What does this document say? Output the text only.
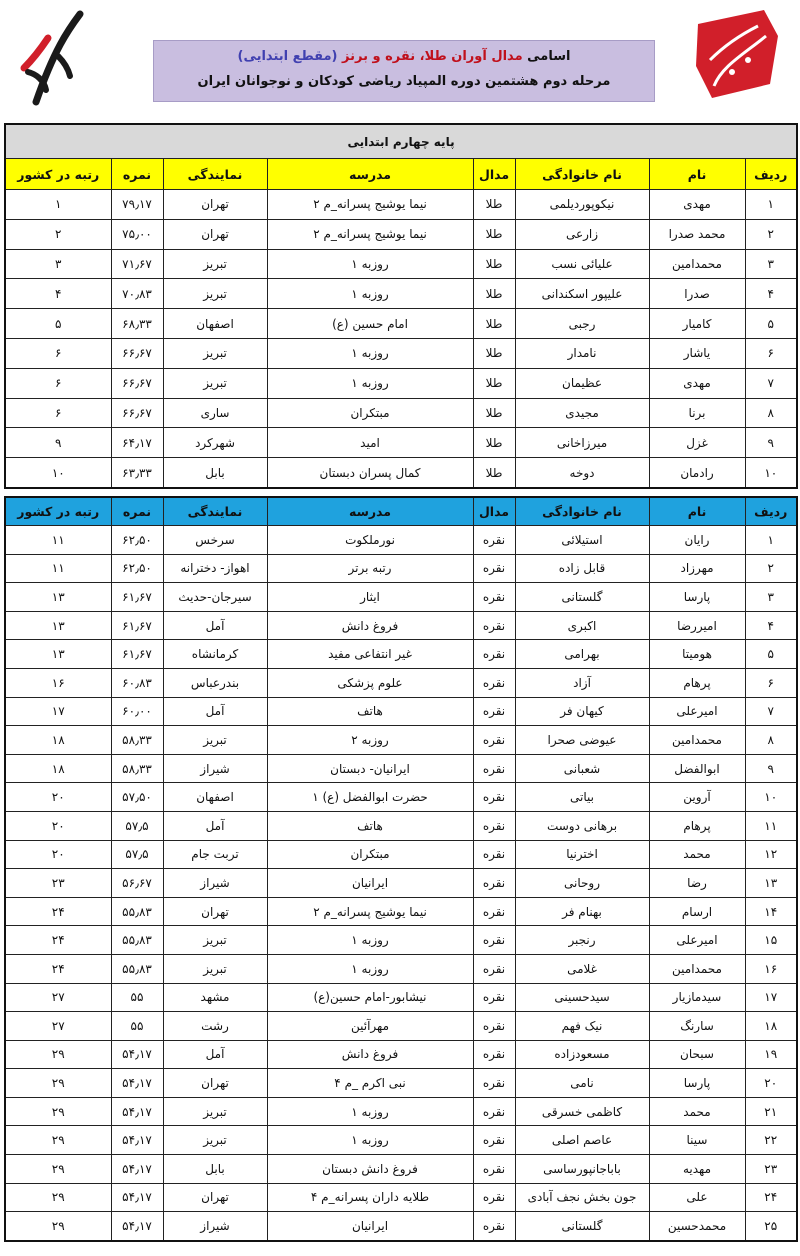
اسامی مدال آوران طلا، نقره و برنز (مقطع ابتدایی)
مرحله دوم هشتمین دوره المپیاد ریاضی کودکان و نوجوانان ایران
پایه چهارم ابتدایی							
ردیف	نام	نام خانوادگی	مدال	مدرسه	نمایندگی	نمره	رتبه در کشور
۱	مهدی	نیکوپوردیلمی	طلا	نیما یوشیج پسرانه_م ۲	تهران	۷۹٫۱۷	۱
۲	محمد صدرا	زارعی	طلا	نیما یوشیج پسرانه_م ۲	تهران	۷۵٫۰۰	۲
۳	محمدامین	علیائی نسب	طلا	روزبه ۱	تبریز	۷۱٫۶۷	۳
۴	صدرا	علیپور اسکندانی	طلا	روزبه ۱	تبریز	۷۰٫۸۳	۴
۵	کامیار	رجبی	طلا	امام حسین (ع)	اصفهان	۶۸٫۳۳	۵
۶	یاشار	نامدار	طلا	روزبه ۱	تبریز	۶۶٫۶۷	۶
۷	مهدی	عظیمان	طلا	روزبه ۱	تبریز	۶۶٫۶۷	۶
۸	برنا	مجیدی	طلا	مبتکران	ساری	۶۶٫۶۷	۶
۹	غزل	میرزاخانی	طلا	امید	شهرکرد	۶۴٫۱۷	۹
۱۰	رادمان	دوخه	طلا	کمال پسران دبستان	بابل	۶۳٫۳۳	۱۰
ردیف	نام	نام خانوادگی	مدال	مدرسه	نمایندگی	نمره	رتبه در کشور
۱	رایان	استیلائی	نقره	نورملکوت	سرخس	۶۲٫۵۰	۱۱
۲	مهرزاد	قابل زاده	نقره	رتبه برتر	اهواز- دخترانه	۶۲٫۵۰	۱۱
۳	پارسا	گلستانی	نقره	ایثار	سیرجان-حدیث	۶۱٫۶۷	۱۳
۴	امیررضا	اکبری	نقره	فروغ دانش	آمل	۶۱٫۶۷	۱۳
۵	هومیتا	بهرامی	نقره	غیر انتفاعی مفید	کرمانشاه	۶۱٫۶۷	۱۳
۶	پرهام	آزاد	نقره	علوم پزشکی	بندرعباس	۶۰٫۸۳	۱۶
۷	امیرعلی	کیهان فر	نقره	هاتف	آمل	۶۰٫۰۰	۱۷
۸	محمدامین	عیوضی صحرا	نقره	روزبه ۲	تبریز	۵۸٫۳۳	۱۸
۹	ابوالفضل	شعبانی	نقره	ایرانیان- دبستان	شیراز	۵۸٫۳۳	۱۸
۱۰	آروین	بیاتی	نقره	حضرت ابوالفضل (ع) ۱	اصفهان	۵۷٫۵۰	۲۰
۱۱	پرهام	برهانی دوست	نقره	هاتف	آمل	۵۷٫۵	۲۰
۱۲	محمد	اخترنیا	نقره	مبتکران	تربت جام	۵۷٫۵	۲۰
۱۳	رضا	روحانی	نقره	ایرانیان	شیراز	۵۶٫۶۷	۲۳
۱۴	ارسام	بهنام فر	نقره	نیما یوشیج پسرانه_م ۲	تهران	۵۵٫۸۳	۲۴
۱۵	امیرعلی	رنجبر	نقره	روزبه ۱	تبریز	۵۵٫۸۳	۲۴
۱۶	محمدامین	غلامی	نقره	روزبه ۱	تبریز	۵۵٫۸۳	۲۴
۱۷	سیدمازیار	سیدحسینی	نقره	نیشابور-امام حسین(ع)	مشهد	۵۵	۲۷
۱۸	سارنگ	نیک فهم	نقره	مهرآئین	رشت	۵۵	۲۷
۱۹	سبحان	مسعودزاده	نقره	فروغ دانش	آمل	۵۴٫۱۷	۲۹
۲۰	پارسا	نامی	نقره	نبی اکرم _م ۴	تهران	۵۴٫۱۷	۲۹
۲۱	محمد	کاظمی خسرقی	نقره	روزبه ۱	تبریز	۵۴٫۱۷	۲۹
۲۲	سینا	عاصم اصلی	نقره	روزبه ۱	تبریز	۵۴٫۱۷	۲۹
۲۳	مهدیه	باباجانپورساسی	نقره	فروغ دانش دبستان	بابل	۵۴٫۱۷	۲۹
۲۴	علی	جون بخش نجف آبادی	نقره	طلایه داران پسرانه_م ۴	تهران	۵۴٫۱۷	۲۹
۲۵	محمدحسین	گلستانی	نقره	ایرانیان	شیراز	۵۴٫۱۷	۲۹
